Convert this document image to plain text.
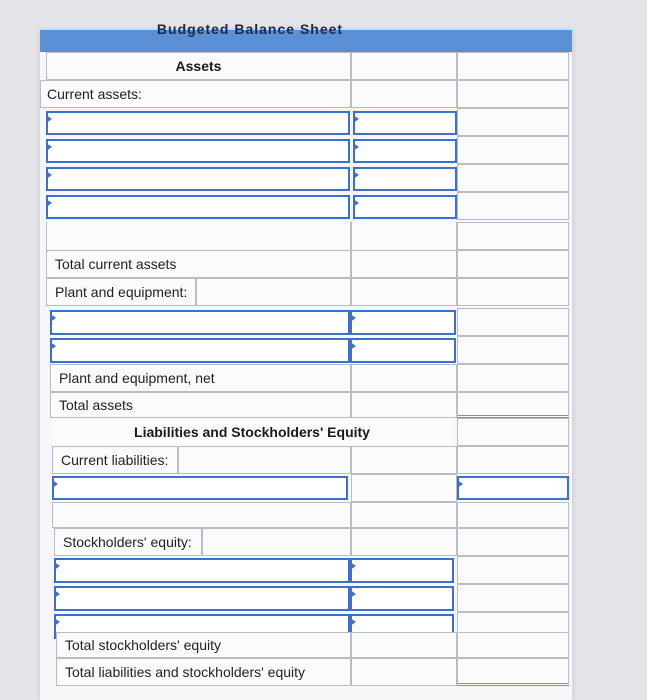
Budgeted Balance Sheet
Assets
Current assets:
Total current assets
Plant and equipment:
Plant and equipment, net
Total assets
Liabilities and Stockholders' Equity
Current liabilities:
Stockholders' equity:
Total stockholders' equity
Total liabilities and stockholders' equity
